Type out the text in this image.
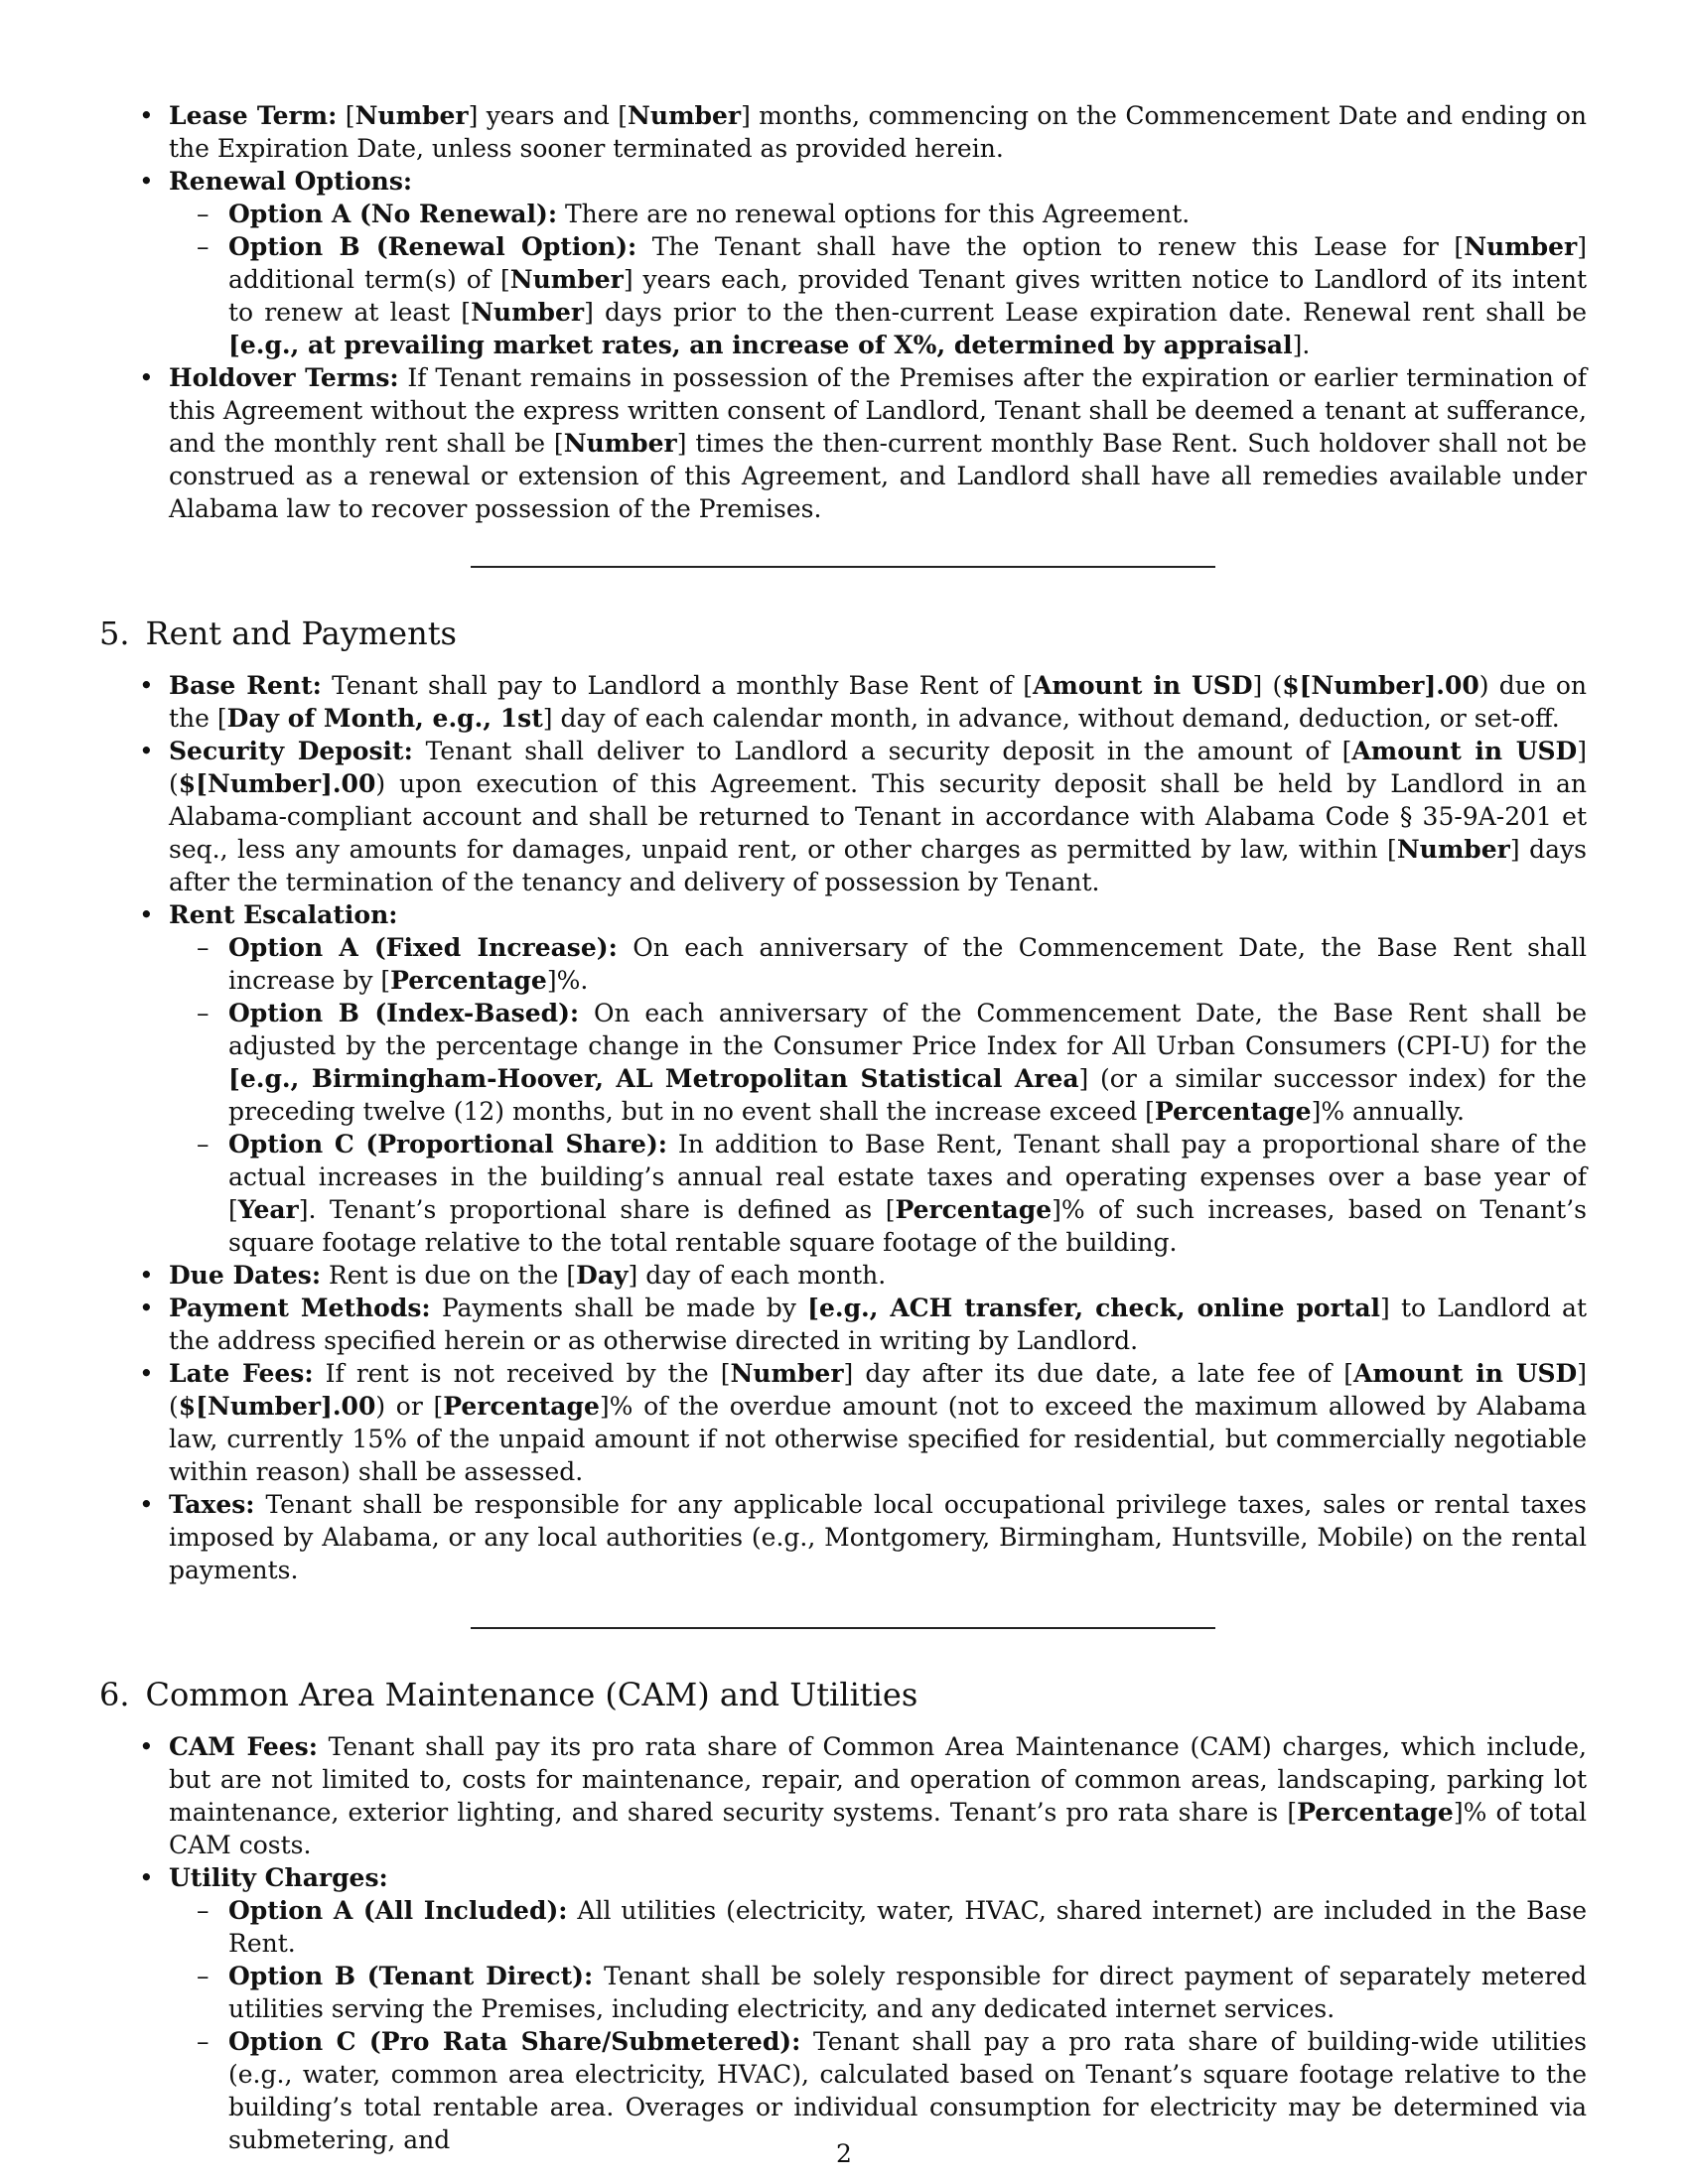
• Lease Term: [Number] years and [Number] months, commencing on the Commencement Date and ending on the Expiration Date, unless sooner terminated as provided herein.
• Renewal Options:
– Option A (No Renewal): There are no renewal options for this Agreement.
– Option B (Renewal Option): The Tenant shall have the option to renew this Lease for [Number] additional term(s) of [Number] years each, provided Tenant gives written notice to Landlord of its intent to renew at least [Number] days prior to the then-current Lease expiration date. Renewal rent shall be [e.g., at prevailing market rates, an increase of X%, determined by appraisal].
• Holdover Terms: If Tenant remains in possession of the Premises after the expiration or earlier termination of this Agreement without the express written consent of Landlord, Tenant shall be deemed a tenant at sufferance, and the monthly rent shall be [Number] times the then-current monthly Base Rent. Such holdover shall not be construed as a renewal or extension of this Agreement, and Landlord shall have all remedies available under Alabama law to recover possession of the Premises.
5. Rent and Payments
• Base Rent: Tenant shall pay to Landlord a monthly Base Rent of [Amount in USD] ($[Number].00) due on the [Day of Month, e.g., 1st] day of each calendar month, in advance, without demand, deduction, or set-off.
• Security Deposit: Tenant shall deliver to Landlord a security deposit in the amount of [Amount in USD] ($[Number].00) upon execution of this Agreement. This security deposit shall be held by Landlord in an Alabama-compliant account and shall be returned to Tenant in accordance with Alabama Code § 35-9A-201 et seq., less any amounts for damages, unpaid rent, or other charges as permitted by law, within [Number] days after the termination of the tenancy and delivery of possession by Tenant.
• Rent Escalation:
– Option A (Fixed Increase): On each anniversary of the Commencement Date, the Base Rent shall increase by [Percentage]%.
– Option B (Index-Based): On each anniversary of the Commencement Date, the Base Rent shall be adjusted by the percentage change in the Consumer Price Index for All Urban Consumers (CPI-U) for the [e.g., Birmingham-Hoover, AL Metropolitan Statistical Area] (or a similar successor index) for the preceding twelve (12) months, but in no event shall the increase exceed [Percentage]% annually.
– Option C (Proportional Share): In addition to Base Rent, Tenant shall pay a proportional share of the actual increases in the building’s annual real estate taxes and operating expenses over a base year of [Year]. Tenant’s proportional share is defined as [Percentage]% of such increases, based on Tenant’s square footage relative to the total rentable square footage of the building.
• Due Dates: Rent is due on the [Day] day of each month.
• Payment Methods: Payments shall be made by [e.g., ACH transfer, check, online portal] to Landlord at the address specified herein or as otherwise directed in writing by Landlord.
• Late Fees: If rent is not received by the [Number] day after its due date, a late fee of [Amount in USD] ($[Number].00) or [Percentage]% of the overdue amount (not to exceed the maximum allowed by Alabama law, currently 15% of the unpaid amount if not otherwise specified for residential, but commercially negotiable within reason) shall be assessed.
• Taxes: Tenant shall be responsible for any applicable local occupational privilege taxes, sales or rental taxes imposed by Alabama, or any local authorities (e.g., Montgomery, Birmingham, Huntsville, Mobile) on the rental payments.
6. Common Area Maintenance (CAM) and Utilities
• CAM Fees: Tenant shall pay its pro rata share of Common Area Maintenance (CAM) charges, which include, but are not limited to, costs for maintenance, repair, and operation of common areas, landscaping, parking lot maintenance, exterior lighting, and shared security systems. Tenant’s pro rata share is [Percentage]% of total CAM costs.
• Utility Charges:
– Option A (All Included): All utilities (electricity, water, HVAC, shared internet) are included in the Base Rent.
– Option B (Tenant Direct): Tenant shall be solely responsible for direct payment of separately metered utilities serving the Premises, including electricity, and any dedicated internet services.
– Option C (Pro Rata Share/Submetered): Tenant shall pay a pro rata share of building-wide utilities (e.g., water, common area electricity, HVAC), calculated based on Tenant’s square footage relative to the building’s total rentable area. Overages or individual consumption for electricity may be determined via submetering, and	2
